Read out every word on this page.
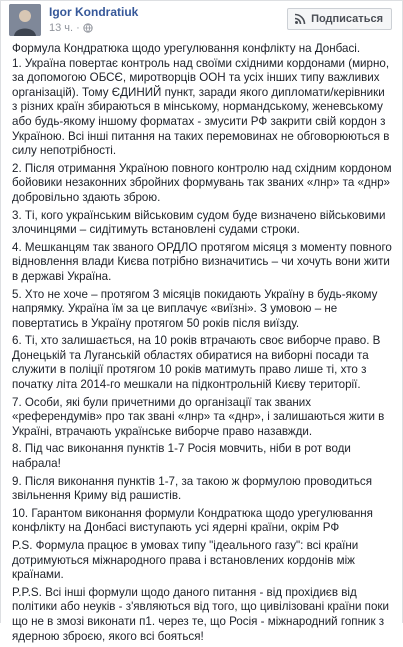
Igor Kondratiuk
13 ч. ·
Подписаться
Формула Кондратюка щодо урегулювання конфлікту на Донбасі.
1. Україна повертає контроль над своїми східними кордонами (мирно, за допомогою ОБСЄ, миротворців ООН та усіх інших типу важливих організацій). Тому ЄДИНИЙ пункт, заради якого дипломати/керівники з різних країн збираються в мінському, нормандському, женевському або будь-якому іншому форматах - змусити РФ закрити свій кордон з Україною. Всі інші питання на таких перемовинах не обговорюються в силу непотрібності.
2. Після отримання Україною повного контролю над східним кордоном бойовики незаконних збройних формувань так званих «лнр» та «днр» добровільно здають зброю.
3. Ті, кого українським військовим судом буде визначено військовими злочинцями – сидітимуть встановлені судами строки.
4. Мешканцям так званого ОРДЛО протягом місяця з моменту повного відновлення влади Києва потрібно визначитись – чи хочуть вони жити в державі Україна.
5. Хто не хоче – протягом 3 місяців покидають Україну в будь-якому напрямку. Україна їм за це виплачує «виїзні». З умовою – не повертатись в Україну протягом 50 років після виїзду.
6. Ті, хто залишається, на 10 років втрачають своє виборче право. В Донецькій та Луганській областях обиратися на виборні посади та служити в поліції протягом 10 років матимуть право лише ті, хто з початку літа 2014-го мешкали на підконтрольній Києву території.
7. Особи, які були причетними до організації так званих «референдумів» про так звані «лнр» та «днр», і залишаються жити в Україні, втрачають українське виборче право назавжди.
8. Під час виконання пунктів 1-7 Росія мовчить, ніби в рот води набрала!
9. Після виконання пунктів 1-7, за такою ж формулою проводиться звільнення Криму від рашистів.
10. Гарантом виконання формули Кондратюка щодо урегулювання конфлікту на Донбасі виступають усі ядерні країни, окрім РФ
P.S. Формула працює в умовах типу "ідеального газу": всі країни дотримуються міжнародного права і встановлених кордонів між країнами.
P.P.S. Всі інші формули щодо даного питання - від прохідиєв від політики або неуків - з'являються від того, що цивілізовані країни поки що не в змозі виконати п1. через те, що Росія - міжнародний гопник з ядерною зброєю, якого всі бояться!
